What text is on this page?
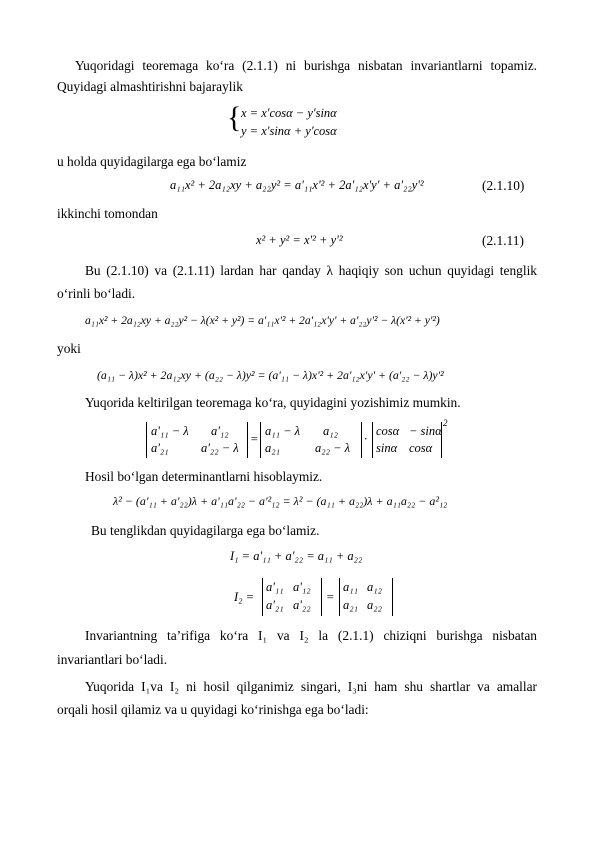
Yuqoridagi teoremaga ko‘ra (2.1.1) ni burishga nisbatan invariantlarni topamiz.
Quyidagi almashtirishni bajaraylik
{ x = x'cosα − y'sinα
y = x'sinα + y'cosα
u holda quyidagilarga ega bo‘lamiz
a₁₁x² + 2a₁₂xy + a₂₂y² = a'₁₁x'² + 2a'₁₂x'y' + a'₂₂y'²	(2.1.10)
ikkinchi tomondan
x² + y² = x'² + y'²	(2.1.11)
Bu (2.1.10) va (2.1.11) lardan har qanday λ haqiqiy son uchun quyidagi tenglik
o‘rinli bo‘ladi.
a₁₁x² + 2a₁₂xy + a₂₂y² − λ(x² + y²) = a'₁₁x'² + 2a'₁₂x'y' + a'₂₂y'² − λ(x'² + y'²)
yoki
(a₁₁ − λ)x² + 2a₁₂xy + (a₂₂ − λ)y² = (a'₁₁ − λ)x'² + 2a'₁₂x'y' + (a'₂₂ − λ)y'²
Yuqorida keltirilgan teoremaga ko‘ra, quyidagini yozishimiz mumkin.
a'₁₁ − λ a'₁₂
a'₂₁	a'₂₂ − λ
=
a₁₁ − λ a₁₂
a₂₁	a₂₂ − λ
·
cosα − sinα
sinα cosα
2
Hosil bo‘lgan determinantlarni hisoblaymiz.
λ² − (a'₁₁ + a'₂₂)λ + a'₁₁a'₂₂ − a'²₁₂ = λ² − (a₁₁ + a₂₂)λ + a₁₁a₂₂ − a²₁₂
Bu tenglikdan quyidagilarga ega bo‘lamiz.
I₁ = a'₁₁ + a'₂₂ = a₁₁ + a₂₂
I₂ =
a'₁₁ a'₁₂
a'₂₁ a'₂₂
=
a₁₁ a₁₂
a₂₁ a₂₂
Invariantning ta’rifiga ko‘ra I₁ va I₂ la (2.1.1) chiziqni burishga nisbatan
invariantlari bo‘ladi.
Yuqorida I₁va I₂ ni hosil qilganimiz singari, I₃ni ham shu shartlar va amallar
orqali hosil qilamiz va u quyidagi ko‘rinishga ega bo‘ladi:
